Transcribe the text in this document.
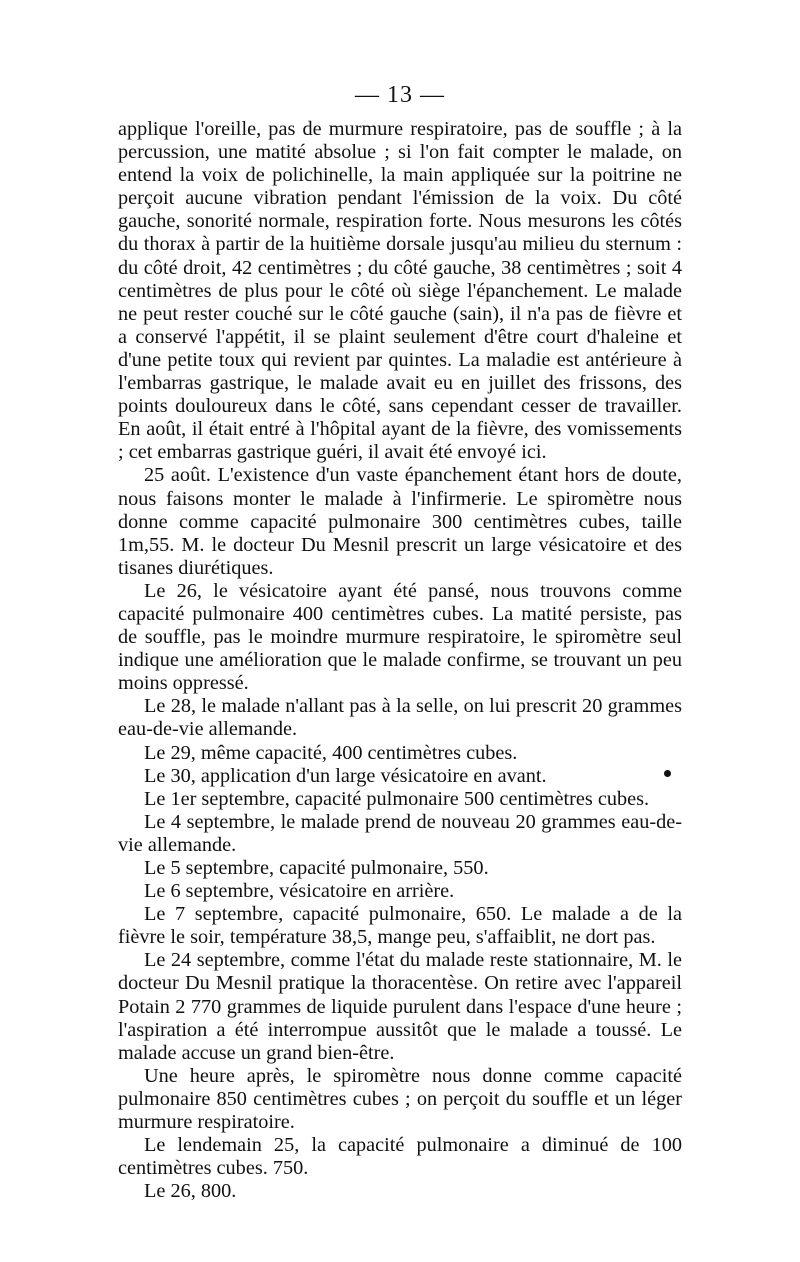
— 13 —

applique l'oreille, pas de murmure respiratoire, pas de souffle ; à la percussion, une matité absolue ; si l'on fait compter le malade, on entend la voix de polichinelle, la main appliquée sur la poitrine ne perçoit aucune vibration pendant l'émission de la voix. Du côté gauche, sonorité normale, respiration forte. Nous mesurons les côtés du thorax à partir de la huitième dorsale jusqu'au milieu du sternum : du côté droit, 42 centimètres ; du côté gauche, 38 centimètres ; soit 4 centimètres de plus pour le côté où siège l'épanchement. Le malade ne peut rester couché sur le côté gauche (sain), il n'a pas de fièvre et a conservé l'appétit, il se plaint seulement d'être court d'haleine et d'une petite toux qui revient par quintes. La maladie est antérieure à l'embarras gastrique, le malade avait eu en juillet des frissons, des points douloureux dans le côté, sans cependant cesser de travailler. En août, il était entré à l'hôpital ayant de la fièvre, des vomissements ; cet embarras gastrique guéri, il avait été envoyé ici.

25 août. L'existence d'un vaste épanchement étant hors de doute, nous faisons monter le malade à l'infirmerie. Le spiromètre nous donne comme capacité pulmonaire 300 centimètres cubes, taille 1m,55. M. le docteur Du Mesnil prescrit un large vésicatoire et des tisanes diurétiques.

Le 26, le vésicatoire ayant été pansé, nous trouvons comme capacité pulmonaire 400 centimètres cubes. La matité persiste, pas de souffle, pas le moindre murmure respiratoire, le spiromètre seul indique une amélioration que le malade confirme, se trouvant un peu moins oppressé.

Le 28, le malade n'allant pas à la selle, on lui prescrit 20 grammes eau-de-vie allemande.

Le 29, même capacité, 400 centimètres cubes.

Le 30, application d'un large vésicatoire en avant.

Le 1er septembre, capacité pulmonaire 500 centimètres cubes.

Le 4 septembre, le malade prend de nouveau 20 grammes eau-de-vie allemande.

Le 5 septembre, capacité pulmonaire, 550.

Le 6 septembre, vésicatoire en arrière.

Le 7 septembre, capacité pulmonaire, 650. Le malade a de la fièvre le soir, température 38,5, mange peu, s'affaiblit, ne dort pas.

Le 24 septembre, comme l'état du malade reste stationnaire, M. le docteur Du Mesnil pratique la thoracentèse. On retire avec l'appareil Potain 2 770 grammes de liquide purulent dans l'espace d'une heure ; l'aspiration a été interrompue aussitôt que le malade a toussé. Le malade accuse un grand bien-être.

Une heure après, le spiromètre nous donne comme capacité pulmonaire 850 centimètres cubes ; on perçoit du souffle et un léger murmure respiratoire.

Le lendemain 25, la capacité pulmonaire a diminué de 100 centimètres cubes. 750.

Le 26, 800.
